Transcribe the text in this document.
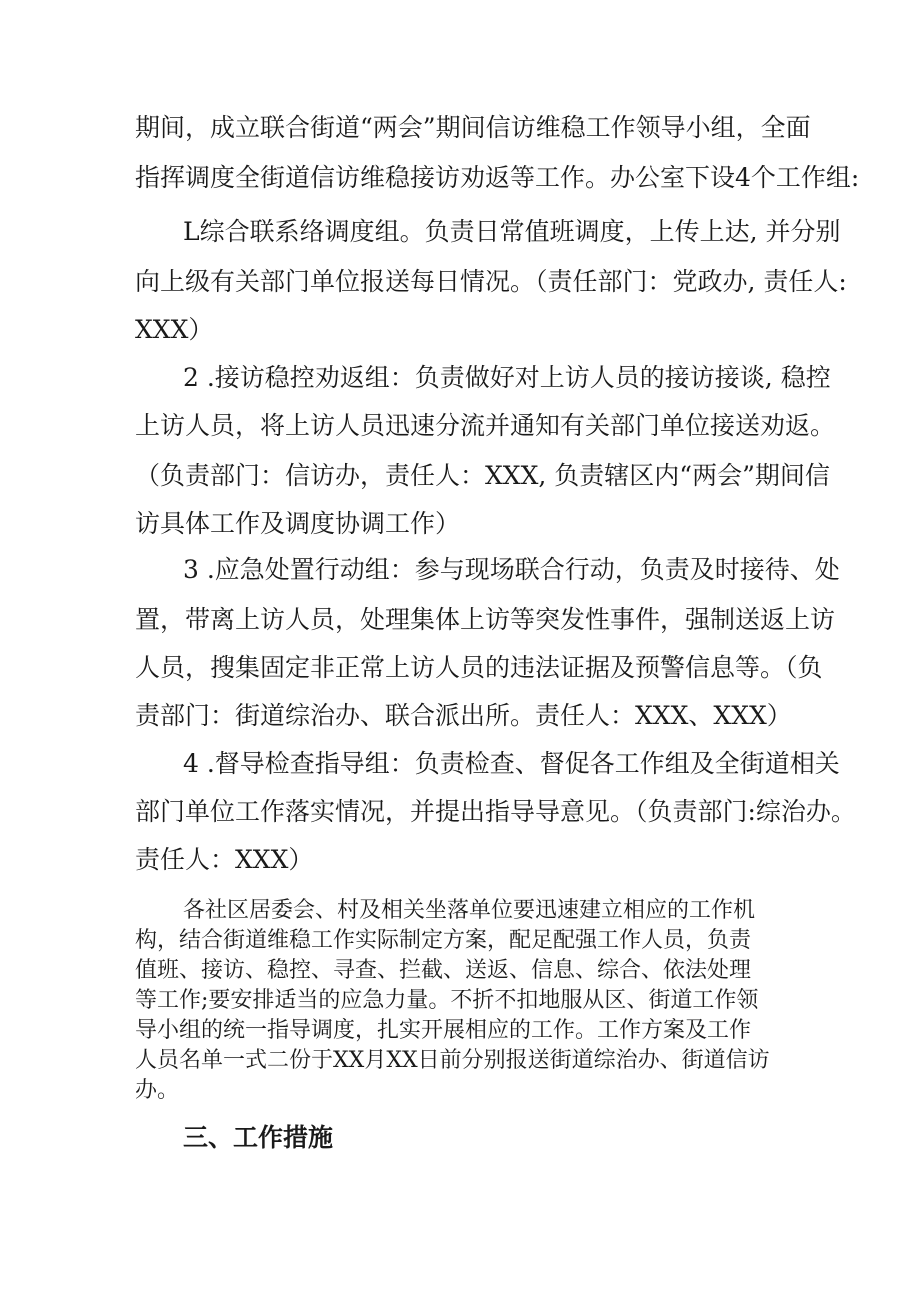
期间，成立联合街道“两会”期间信访维稳工作领导小组，全面
指挥调度全街道信访维稳接访劝返等工作。办公室下设4个工作组:
L综合联系络调度组。负责日常值班调度，上传上达, 并分别
向上级有关部门单位报送每日情况。（责任部门：党政办, 责任人:
XXX）
2 .接访稳控劝返组：负责做好对上访人员的接访接谈, 稳控
上访人员，将上访人员迅速分流并通知有关部门单位接送劝返。
（负责部门：信访办，责任人：XXX, 负责辖区内“两会”期间信
访具体工作及调度协调工作）
3 .应急处置行动组：参与现场联合行动，负责及时接待、处
置，带离上访人员，处理集体上访等突发性事件，强制送返上访
人员，搜集固定非正常上访人员的违法证据及预警信息等。（负
责部门：街道综治办、联合派出所。责任人：XXX、XXX）
4 .督导检查指导组：负责检查、督促各工作组及全街道相关
部门单位工作落实情况，并提出指导导意见。（负责部门:综治办。
责任人：XXX）
各社区居委会、村及相关坐落单位要迅速建立相应的工作机
构，结合街道维稳工作实际制定方案，配足配强工作人员，负责
值班、接访、稳控、寻查、拦截、送返、信息、综合、依法处理
等工作;要安排适当的应急力量。不折不扣地服从区、街道工作领
导小组的统一指导调度，扎实开展相应的工作。工作方案及工作
人员名单一式二份于XX月XX日前分别报送街道综治办、街道信访
办。
三、工作措施
